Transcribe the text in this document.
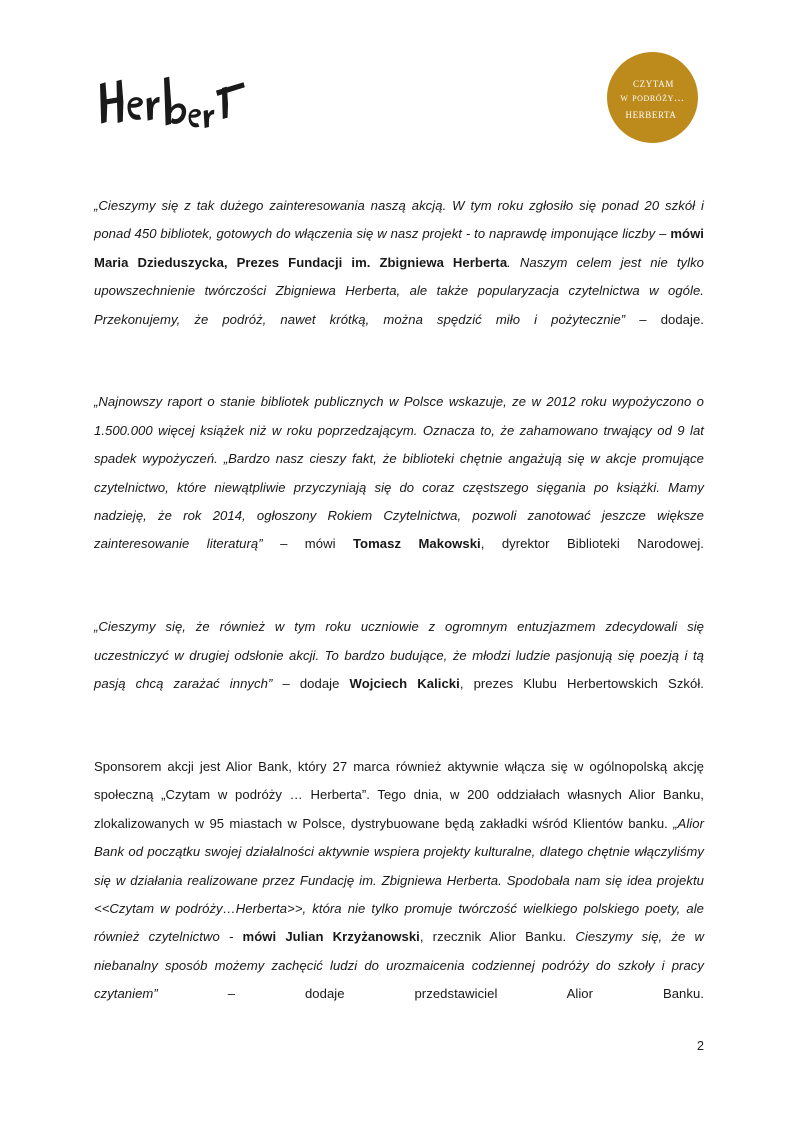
czytam
w podróży...
herberta

„Cieszymy się z tak dużego zainteresowania naszą akcją. W tym roku zgłosiło się ponad 20 szkół i ponad 450 bibliotek, gotowych do włączenia się w nasz projekt - to naprawdę imponujące liczby – mówi Maria Dzieduszycka, Prezes Fundacji im. Zbigniewa Herberta. Naszym celem jest nie tylko upowszechnienie twórczości Zbigniewa Herberta, ale także popularyzacja czytelnictwa w ogóle. Przekonujemy, że podróż, nawet krótką, można spędzić miło i pożytecznie” – dodaje.

„Najnowszy raport o stanie bibliotek publicznych w Polsce wskazuje, ze w 2012 roku wypożyczono o 1.500.000 więcej książek niż w roku poprzedzającym. Oznacza to, że zahamowano trwający od 9 lat spadek wypożyczeń. „Bardzo nasz cieszy fakt, że biblioteki chętnie angażują się w akcje promujące czytelnictwo, które niewątpliwie przyczyniają się do coraz częstszego sięgania po książki. Mamy nadzieję, że rok 2014, ogłoszony Rokiem Czytelnictwa, pozwoli zanotować jeszcze większe zainteresowanie literaturą” – mówi Tomasz Makowski, dyrektor Biblioteki Narodowej.

„Cieszymy się, że również w tym roku uczniowie z ogromnym entuzjazmem zdecydowali się uczestniczyć w drugiej odsłonie akcji. To bardzo budujące, że młodzi ludzie pasjonują się poezją i tą pasją chcą zarażać innych” – dodaje Wojciech Kalicki, prezes Klubu Herbertowskich Szkół.

Sponsorem akcji jest Alior Bank, który 27 marca również aktywnie włącza się w ogólnopolską akcję społeczną „Czytam w podróży … Herberta”. Tego dnia, w 200 oddziałach własnych Alior Banku, zlokalizowanych w 95 miastach w Polsce, dystrybuowane będą zakładki wśród Klientów banku. „Alior Bank od początku swojej działalności aktywnie wspiera projekty kulturalne, dlatego chętnie włączyliśmy się w działania realizowane przez Fundację im. Zbigniewa Herberta. Spodobała nam się idea projektu <<Czytam w podróży…Herberta>>, która nie tylko promuje twórczość wielkiego polskiego poety, ale również czytelnictwo - mówi Julian Krzyżanowski, rzecznik Alior Banku. Cieszymy się, że w niebanalny sposób możemy zachęcić ludzi do urozmaicenia codziennej podróży do szkoły i pracy czytaniem” – dodaje przedstawiciel Alior Banku.

2
